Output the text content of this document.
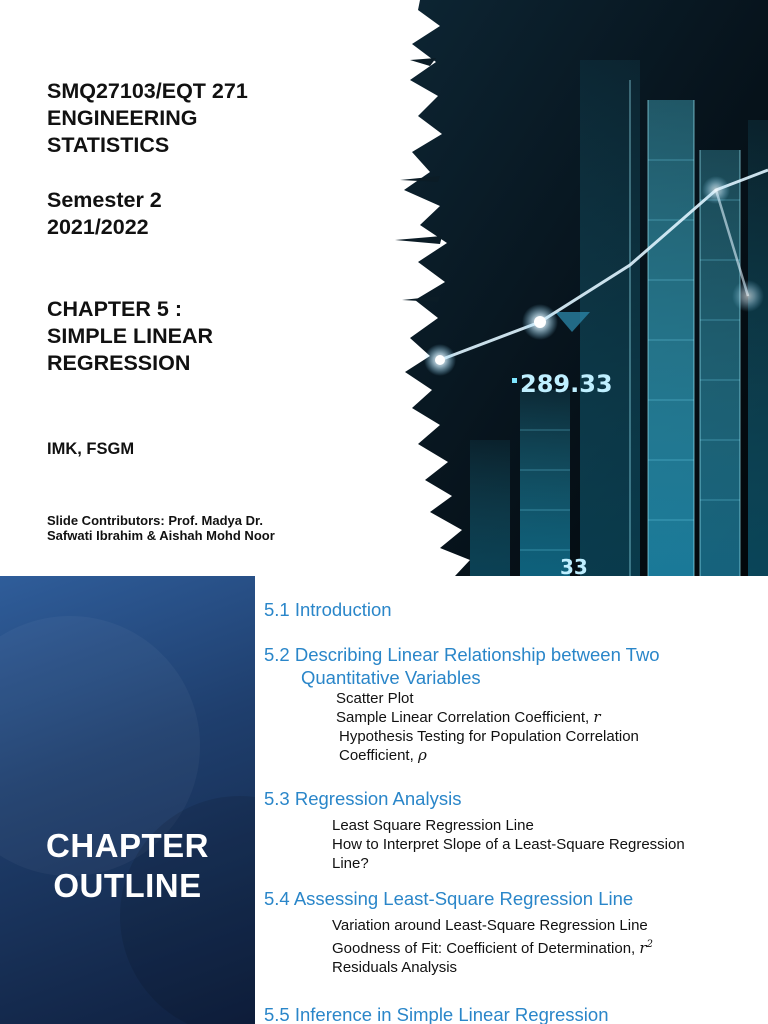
289.33
33

SMQ27103/EQT 271

ENGINEERING

STATISTICS

Semester 2

2021/2022

CHAPTER 5 :

SIMPLE LINEAR

REGRESSION

IMK, FSGM

Slide Contributors: Prof. Madya Dr.

Safwati Ibrahim & Aishah Mohd Noor

CHAPTER
OUTLINE

5.1 Introduction

5.2 Describing Linear Relationship between Two
Quantitative Variables

Scatter Plot

Sample Linear Correlation Coefficient, r

Hypothesis Testing for Population Correlation
Coefficient, ρ

5.3 Regression Analysis

Least Square Regression Line

How to Interpret Slope of a Least-Square Regression
Line?

5.4 Assessing Least-Square Regression Line

Variation around Least-Square Regression Line

Goodness of Fit: Coefficient of Determination, $r^2$

Residuals Analysis

5.5 Inference in Simple Linear Regression
